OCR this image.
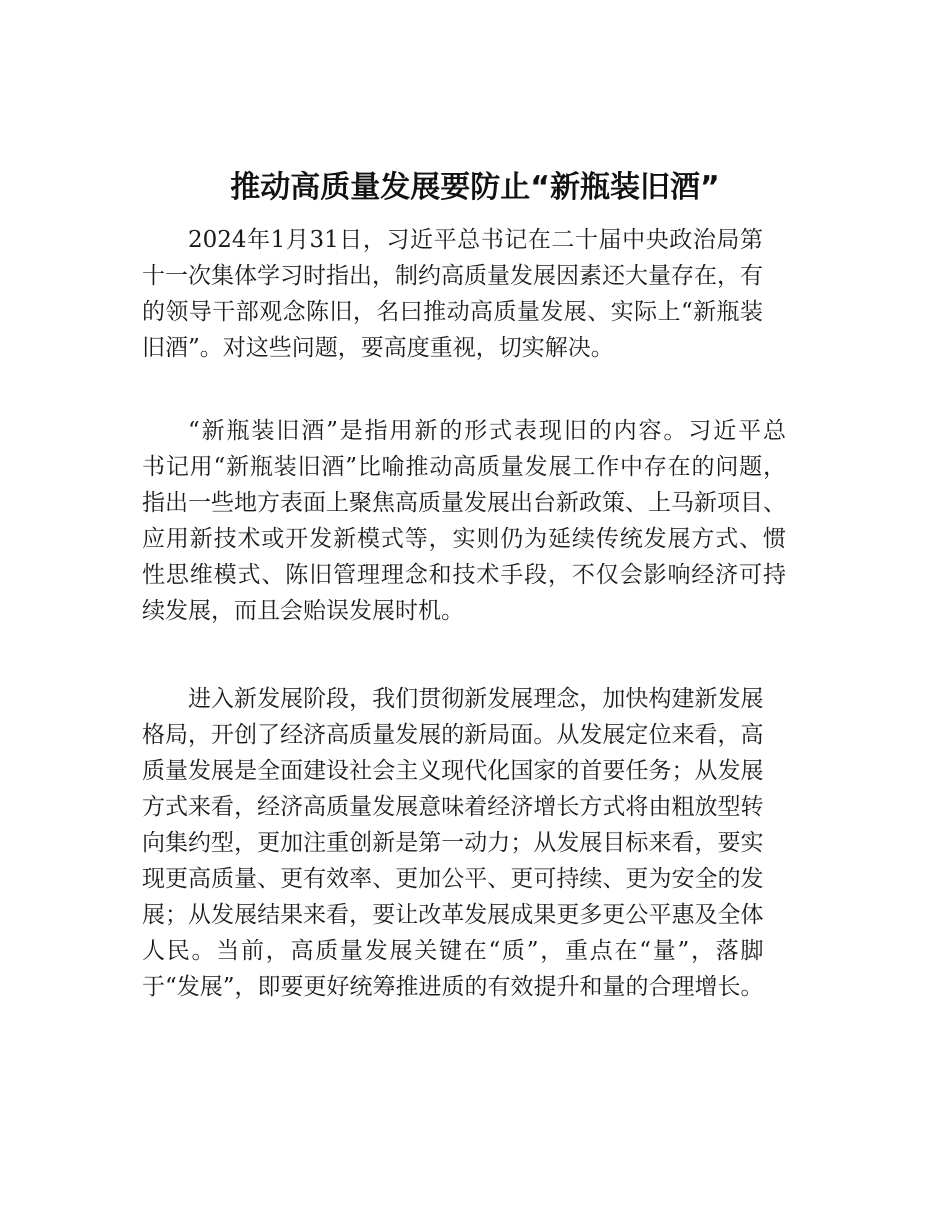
推动高质量发展要防止“新瓶装旧酒”
2024年1月31日，习近平总书记在二十届中央政治局第
十一次集体学习时指出，制约高质量发展因素还大量存在，有
的领导干部观念陈旧，名曰推动高质量发展、实际上“新瓶装
旧酒”。对这些问题，要高度重视，切实解决。
“新瓶装旧酒”是指用新的形式表现旧的内容。习近平总
书记用“新瓶装旧酒”比喻推动高质量发展工作中存在的问题，
指出一些地方表面上聚焦高质量发展出台新政策、上马新项目、
应用新技术或开发新模式等，实则仍为延续传统发展方式、惯
性思维模式、陈旧管理理念和技术手段，不仅会影响经济可持
续发展，而且会贻误发展时机。
进入新发展阶段，我们贯彻新发展理念，加快构建新发展
格局，开创了经济高质量发展的新局面。从发展定位来看，高
质量发展是全面建设社会主义现代化国家的首要任务；从发展
方式来看，经济高质量发展意味着经济增长方式将由粗放型转
向集约型，更加注重创新是第一动力；从发展目标来看，要实
现更高质量、更有效率、更加公平、更可持续、更为安全的发
展；从发展结果来看，要让改革发展成果更多更公平惠及全体
人民。当前，高质量发展关键在“质”，重点在“量”，落脚
于“发展”，即要更好统筹推进质的有效提升和量的合理增长。
